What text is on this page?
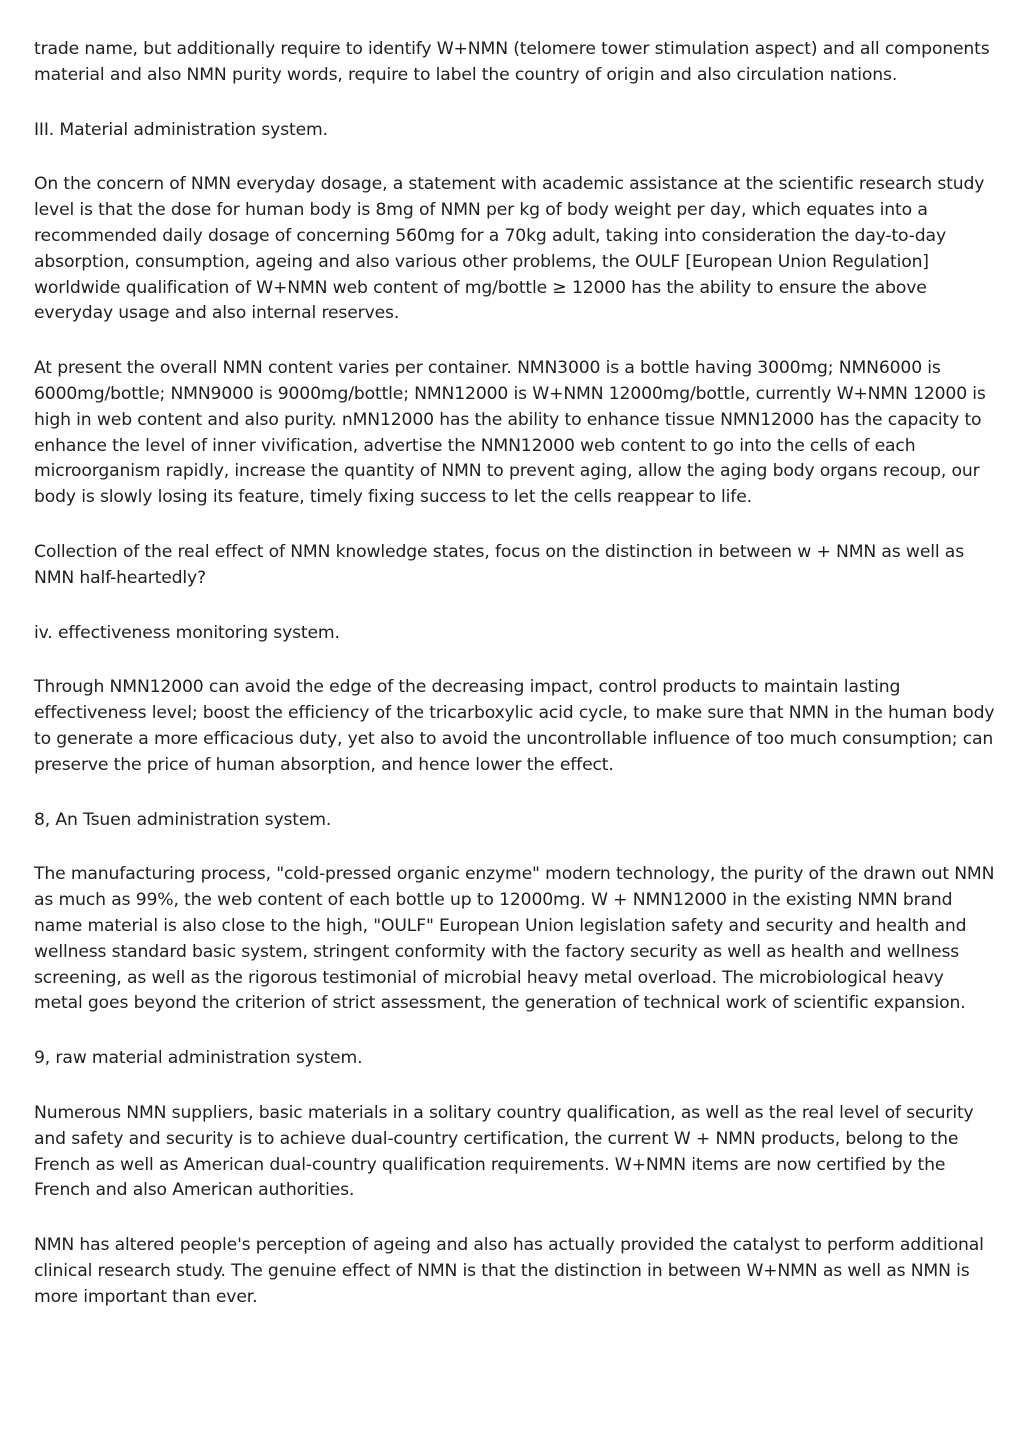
trade name, but additionally require to identify W+NMN (telomere tower stimulation aspect) and all components material and also NMN purity words, require to label the country of origin and also circulation nations.

III. Material administration system.

On the concern of NMN everyday dosage, a statement with academic assistance at the scientific research study level is that the dose for human body is 8mg of NMN per kg of body weight per day, which equates into a recommended daily dosage of concerning 560mg for a 70kg adult, taking into consideration the day-to-day absorption, consumption, ageing and also various other problems, the OULF [European Union Regulation] worldwide qualification of W+NMN web content of mg/bottle ≥ 12000 has the ability to ensure the above everyday usage and also internal reserves.

At present the overall NMN content varies per container. NMN3000 is a bottle having 3000mg; NMN6000 is 6000mg/bottle; NMN9000 is 9000mg/bottle; NMN12000 is W+NMN 12000mg/bottle, currently W+NMN 12000 is high in web content and also purity. nMN12000 has the ability to enhance tissue NMN12000 has the capacity to enhance the level of inner vivification, advertise the NMN12000 web content to go into the cells of each microorganism rapidly, increase the quantity of NMN to prevent aging, allow the aging body organs recoup, our body is slowly losing its feature, timely fixing success to let the cells reappear to life.

Collection of the real effect of NMN knowledge states, focus on the distinction in between w + NMN as well as NMN half-heartedly?

iv. effectiveness monitoring system.

Through NMN12000 can avoid the edge of the decreasing impact, control products to maintain lasting effectiveness level; boost the efficiency of the tricarboxylic acid cycle, to make sure that NMN in the human body to generate a more efficacious duty, yet also to avoid the uncontrollable influence of too much consumption; can preserve the price of human absorption, and hence lower the effect.

8, An Tsuen administration system.

The manufacturing process, "cold-pressed organic enzyme" modern technology, the purity of the drawn out NMN as much as 99%, the web content of each bottle up to 12000mg. W + NMN12000 in the existing NMN brand name material is also close to the high, "OULF" European Union legislation safety and security and health and wellness standard basic system, stringent conformity with the factory security as well as health and wellness screening, as well as the rigorous testimonial of microbial heavy metal overload. The microbiological heavy metal goes beyond the criterion of strict assessment, the generation of technical work of scientific expansion.

9, raw material administration system.

Numerous NMN suppliers, basic materials in a solitary country qualification, as well as the real level of security and safety and security is to achieve dual-country certification, the current W + NMN products, belong to the French as well as American dual-country qualification requirements. W+NMN items are now certified by the French and also American authorities.

NMN has altered people's perception of ageing and also has actually provided the catalyst to perform additional clinical research study. The genuine effect of NMN is that the distinction in between W+NMN as well as NMN is more important than ever.
